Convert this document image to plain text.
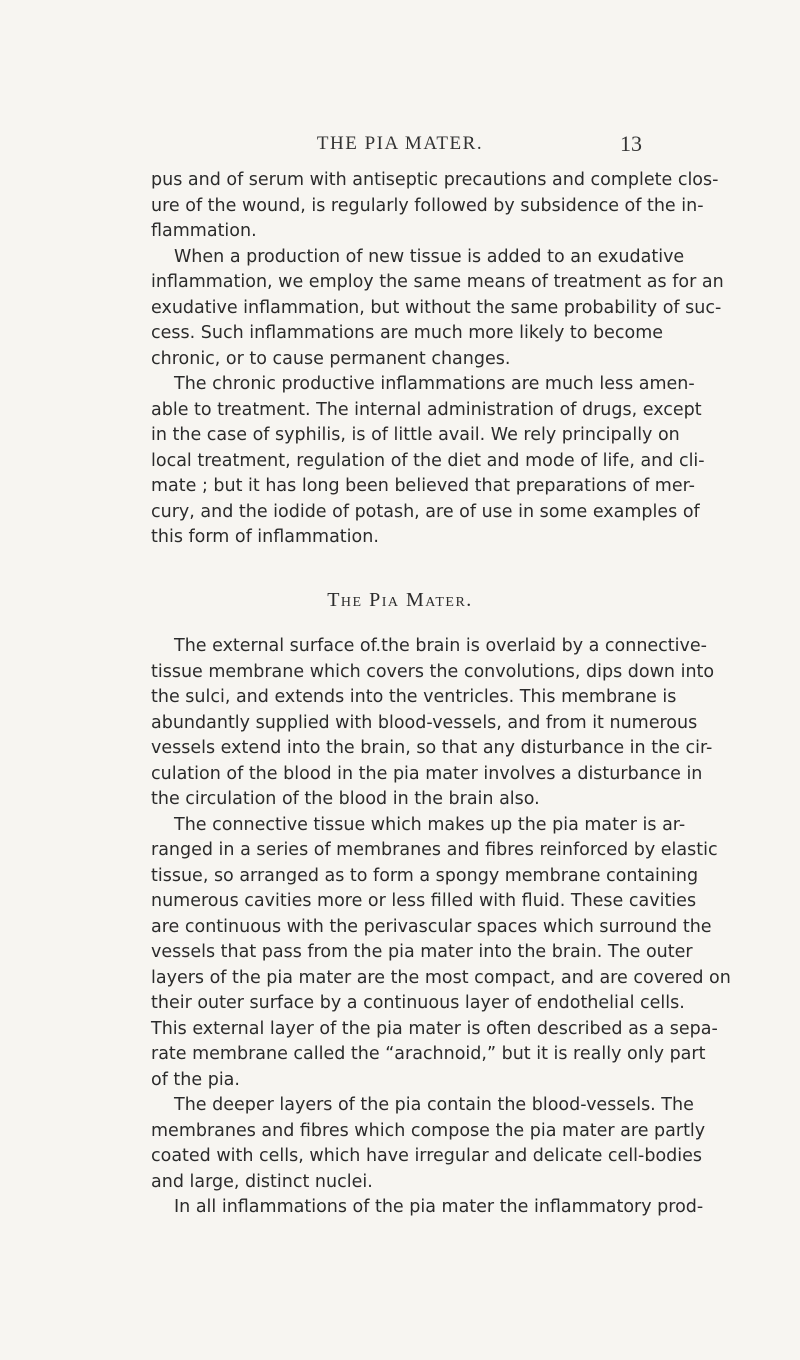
THE PIA MATER.	13
pus and of serum with antiseptic precautions and complete clos-
ure of the wound, is regularly followed by subsidence of the in-
flammation.
When a production of new tissue is added to an exudative
inflammation, we employ the same means of treatment as for an
exudative inflammation, but without the same probability of suc-
cess. Such inflammations are much more likely to become
chronic, or to cause permanent changes.
The chronic productive inflammations are much less amen-
able to treatment. The internal administration of drugs, except
in the case of syphilis, is of little avail. We rely principally on
local treatment, regulation of the diet and mode of life, and cli-
mate ; but it has long been believed that preparations of mer-
cury, and the iodide of potash, are of use in some examples of
this form of inflammation.
The Pia Mater.
The external surface of.the brain is overlaid by a connective-
tissue membrane which covers the convolutions, dips down into
the sulci, and extends into the ventricles. This membrane is
abundantly supplied with blood-vessels, and from it numerous
vessels extend into the brain, so that any disturbance in the cir-
culation of the blood in the pia mater involves a disturbance in
the circulation of the blood in the brain also.
The connective tissue which makes up the pia mater is ar-
ranged in a series of membranes and fibres reinforced by elastic
tissue, so arranged as to form a spongy membrane containing
numerous cavities more or less filled with fluid. These cavities
are continuous with the perivascular spaces which surround the
vessels that pass from the pia mater into the brain. The outer
layers of the pia mater are the most compact, and are covered on
their outer surface by a continuous layer of endothelial cells.
This external layer of the pia mater is often described as a sepa-
rate membrane called the “arachnoid,” but it is really only part
of the pia.
The deeper layers of the pia contain the blood-vessels. The
membranes and fibres which compose the pia mater are partly
coated with cells, which have irregular and delicate cell-bodies
and large, distinct nuclei.
In all inflammations of the pia mater the inflammatory prod-
